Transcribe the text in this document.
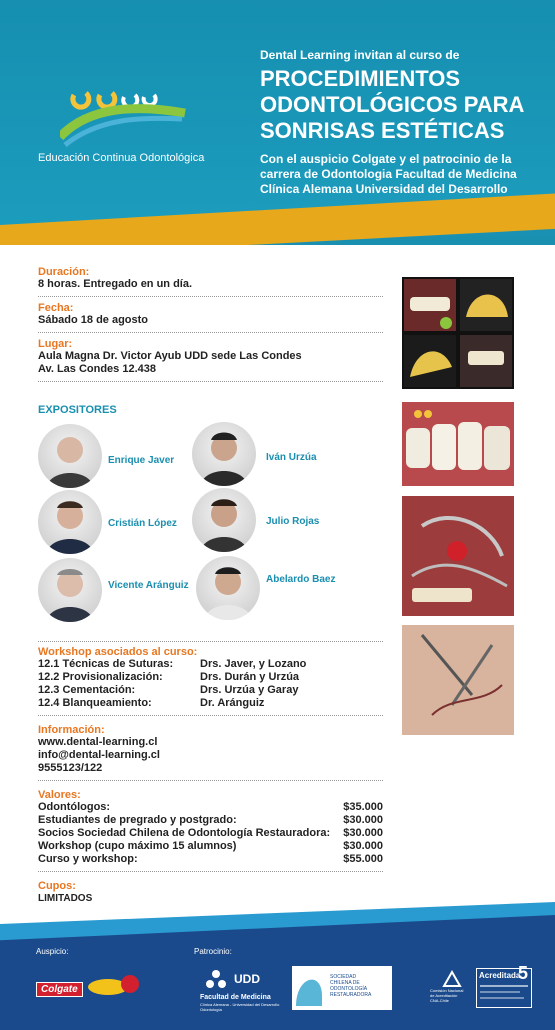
Educación Continua Odontológica
Dental Learning invitan al curso de
PROCEDIMIENTOS
ODONTOLÓGICOS PARA
SONRISAS ESTÉTICAS
Con el auspicio Colgate y el patrocinio de la
carrera de Odontologia Facultad de Medicina
Clínica Alemana Universidad del Desarrollo
Duración:
8 horas. Entregado en un día.
Fecha:
Sábado 18 de agosto
Lugar:
Aula Magna Dr. Victor Ayub UDD sede Las Condes
Av. Las Condes 12.438
EXPOSITORES
Enrique Javer	Iván Urzúa
Cristián López	Julio Rojas
Vicente Aránguiz
Abelardo Baez
Workshop asociados al curso:
12.1 Técnicas de Suturas:	Drs. Javer, y Lozano
12.2 Provisionalización:	Drs. Durán y Urzúa
12.3 Cementación:	Drs. Urzúa y Garay
12.4 Blanqueamiento:	Dr. Aránguiz
Información:
www.dental-learning.cl
info@dental-learning.cl
9555123/122
Valores:
Odontólogos:	$35.000
Estudiantes de pregrado y postgrado:	$30.000
Socios Sociedad Chilena de Odontología Restauradora: $30.000
Workshop (cupo máximo 15 alumnos)	$30.000
Curso y workshop:	$55.000
Cupos:
LIMITADOS
Auspicio:	Patrocinio:
Colgate
UDD
Facultad de Medicina
Clínica Alemana - Universidad del Desarrollo
Odontología
SOCIEDAD
CHILENA DE
ODONTOLOGÍA
RESTAURADORA
Comisión Nacional
de Acreditación
CNA-Chile
Acreditada
5
